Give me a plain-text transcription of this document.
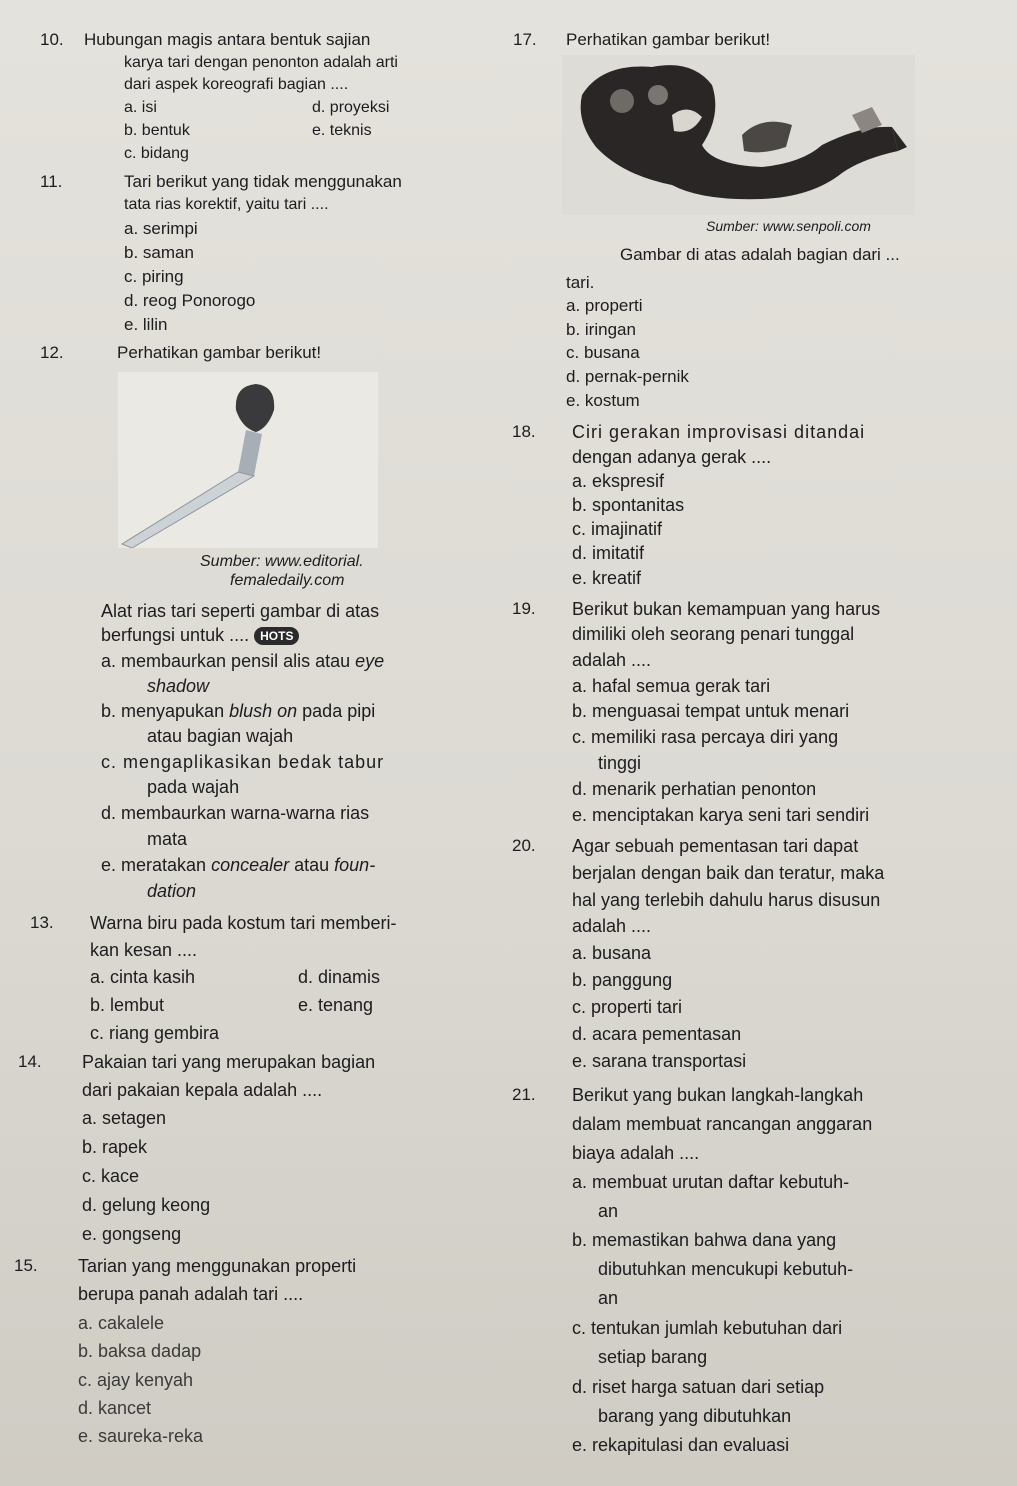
10. Hubungan magis antara bentuk sajian
karya tari dengan penonton adalah arti
dari aspek koreografi bagian ....
a. isi	d. proyeksi
b. bentuk	e. teknis
c. bidang
11.	Tari berikut yang tidak menggunakan
tata rias korektif, yaitu tari ....
a. serimpi
b. saman
c. piring
d. reog Ponorogo
e. lilin
12.	Perhatikan gambar berikut!
Sumber: www.editorial.
femaledaily.com
Alat rias tari seperti gambar di atas
berfungsi untuk .... HOTS
a. membaurkan pensil alis atau eye
shadow
b. menyapukan blush on pada pipi
atau bagian wajah
c. mengaplikasikan bedak tabur
pada wajah
d. membaurkan warna-warna rias
mata
e. meratakan concealer atau foun-
dation
13. Warna biru pada kostum tari memberi-
kan kesan ....
a. cinta kasih	d. dinamis
b. lembut	e. tenang
c. riang gembira
14. Pakaian tari yang merupakan bagian
dari pakaian kepala adalah ....
a. setagen
b. rapek
c. kace
d. gelung keong
e. gongseng
15. Tarian yang menggunakan properti
berupa panah adalah tari ....
a. cakalele
b. baksa dadap
c. ajay kenyah
d. kancet
e. saureka-reka
17. Perhatikan gambar berikut!
Sumber: www.senpoli.com
Gambar di atas adalah bagian dari ...
tari.
a. properti
b. iringan
c. busana
d. pernak-pernik
e. kostum
18. Ciri gerakan improvisasi ditandai
dengan adanya gerak ....
a. ekspresif
b. spontanitas
c. imajinatif
d. imitatif
e. kreatif
19. Berikut bukan kemampuan yang harus
dimiliki oleh seorang penari tunggal
adalah ....
a. hafal semua gerak tari
b. menguasai tempat untuk menari
c. memiliki rasa percaya diri yang
tinggi
d. menarik perhatian penonton
e. menciptakan karya seni tari sendiri
20. Agar sebuah pementasan tari dapat
berjalan dengan baik dan teratur, maka
hal yang terlebih dahulu harus disusun
adalah ....
a. busana
b. panggung
c. properti tari
d. acara pementasan
e. sarana transportasi
21. Berikut yang bukan langkah-langkah
dalam membuat rancangan anggaran
biaya adalah ....
a. membuat urutan daftar kebutuh-
an
b. memastikan bahwa dana yang
dibutuhkan mencukupi kebutuh-
an
c. tentukan jumlah kebutuhan dari
setiap barang
d. riset harga satuan dari setiap
barang yang dibutuhkan
e. rekapitulasi dan evaluasi
